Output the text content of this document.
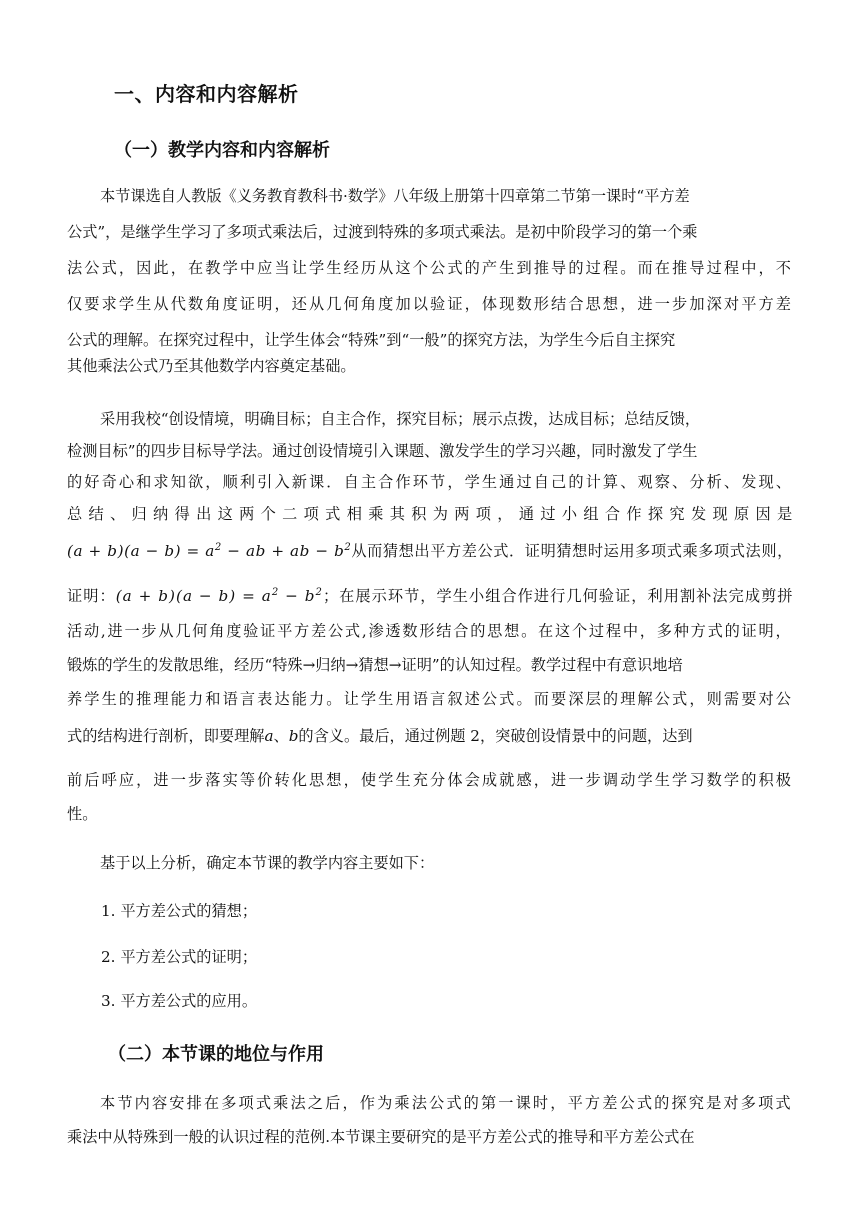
一、内容和内容解析
（一）教学内容和内容解析
本节课选自人教版《义务教育教科书·数学》八年级上册第十四章第二节第一课时“平方差
公式”，是继学生学习了多项式乘法后，过渡到特殊的多项式乘法。是初中阶段学习的第一个乘
法公式，因此，在教学中应当让学生经历从这个公式的产生到推导的过程。而在推导过程中，不
仅要求学生从代数角度证明，还从几何角度加以验证，体现数形结合思想，进一步加深对平方差
公式的理解。在探究过程中，让学生体会“特殊”到“一般”的探究方法，为学生今后自主探究
其他乘法公式乃至其他数学内容奠定基础。
采用我校“创设情境，明确目标；自主合作，探究目标；展示点拨，达成目标；总结反馈，
检测目标”的四步目标导学法。通过创设情境引入课题、激发学生的学习兴趣，同时激发了学生
的好奇心和求知欲，顺利引入新课．自主合作环节，学生通过自己的计算、观察、分析、发现、
总 结 、 归 纳 得 出 这 两 个 二 项 式 相 乘 其 积 为 两 项 ， 通 过 小 组 合 作 探 究 发 现 原 因 是
$(a + b)(a - b) = a^2$ − ab + ab − $b^2$从而猜想出平方差公式．证明猜想时运用多项式乘多项式法则，
证明：$(a + b)(a - b) = a^2 - b^2$；在展示环节，学生小组合作进行几何验证，利用割补法完成剪拼
活动,进一步从几何角度验证平方差公式,渗透数形结合的思想。在这个过程中，多种方式的证明，
锻炼的学生的发散思维，经历“特殊→归纳→猜想→证明”的认知过程。教学过程中有意识地培
养学生的推理能力和语言表达能力。让学生用语言叙述公式。而要深层的理解公式，则需要对公
式的结构进行剖析，即要理解a、b的含义。最后，通过例题 2，突破创设情景中的问题，达到
前后呼应，进一步落实等价转化思想，使学生充分体会成就感，进一步调动学生学习数学的积极
性。
基于以上分析，确定本节课的教学内容主要如下：
1. 平方差公式的猜想；
2. 平方差公式的证明；
3. 平方差公式的应用。
（二）本节课的地位与作用
本节内容安排在多项式乘法之后，作为乘法公式的第一课时，平方差公式的探究是对多项式
乘法中从特殊到一般的认识过程的范例.本节课主要研究的是平方差公式的推导和平方差公式在
